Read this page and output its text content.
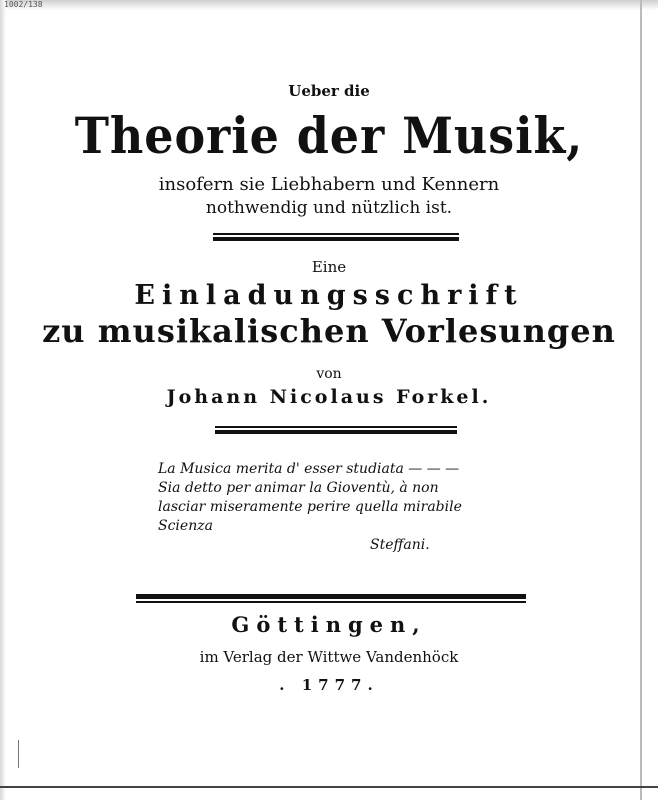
1002/138
Ueber die
Theorie der Musik,
insofern sie Liebhabern und Kennern
nothwendig und nützlich ist.
Eine
Einladungsschrift
zu musikalischen Vorlesungen
von
Johann Nicolaus Forkel.
La Musica merita d' esser studiata — — —
Sia detto per animar la Gioventù, à non
lasciar miseramente perire quella mirabile
Scienza
Steffani.
Göttingen,
im Verlag der Wittwe Vandenhöck
. 1777.
